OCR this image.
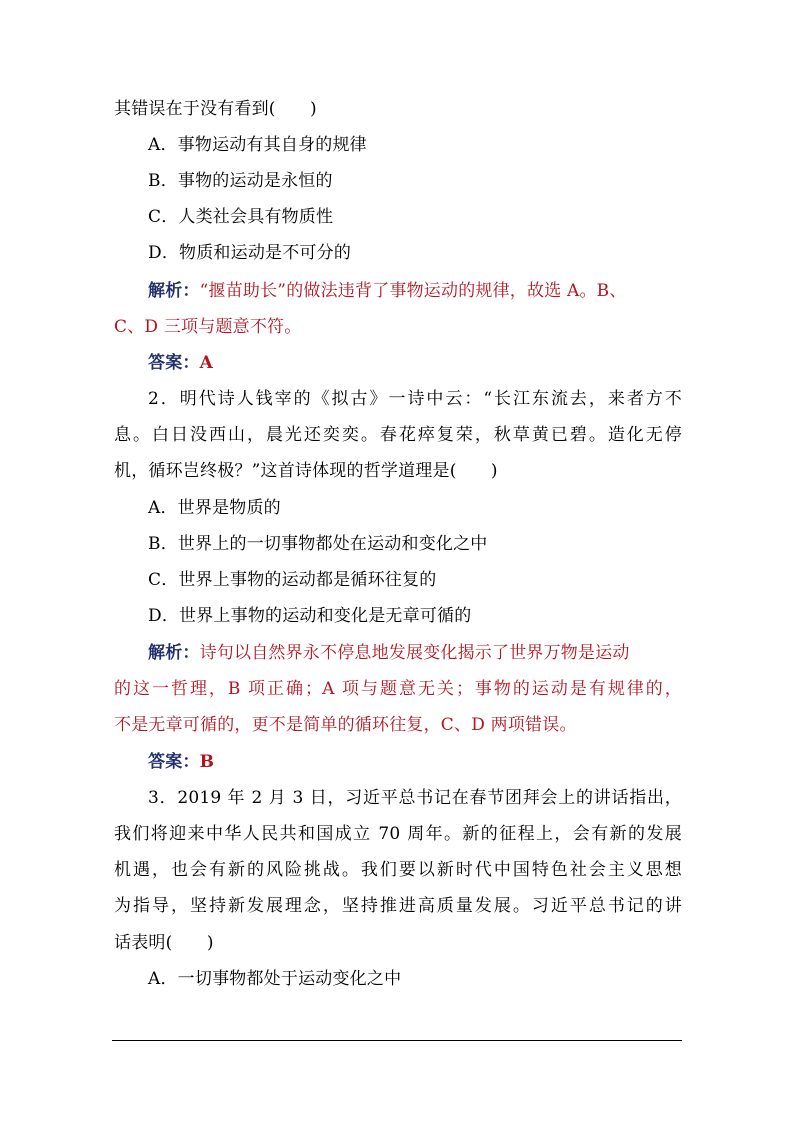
其错误在于没有看到(　　)
A．事物运动有其自身的规律
B．事物的运动是永恒的
C．人类社会具有物质性
D．物质和运动是不可分的
解析：“揠苗助长”的做法违背了事物运动的规律，故选 A。B、
C、D 三项与题意不符。
答案：A
2．明代诗人钱宰的《拟古》一诗中云：“长江东流去，来者方不
息。白日没西山，晨光还奕奕。春花瘁复荣，秋草黄已碧。造化无停
机，循环岂终极？”这首诗体现的哲学道理是(　　)
A．世界是物质的
B．世界上的一切事物都处在运动和变化之中
C．世界上事物的运动都是循环往复的
D．世界上事物的运动和变化是无章可循的
解析：诗句以自然界永不停息地发展变化揭示了世界万物是运动
的这一哲理，B 项正确；A 项与题意无关；事物的运动是有规律的，
不是无章可循的，更不是简单的循环往复，C、D 两项错误。
答案：B
3．2019 年 2 月 3 日，习近平总书记在春节团拜会上的讲话指出，
我们将迎来中华人民共和国成立 70 周年。新的征程上，会有新的发展
机遇，也会有新的风险挑战。我们要以新时代中国特色社会主义思想
为指导，坚持新发展理念，坚持推进高质量发展。习近平总书记的讲
话表明(　　)
A．一切事物都处于运动变化之中
